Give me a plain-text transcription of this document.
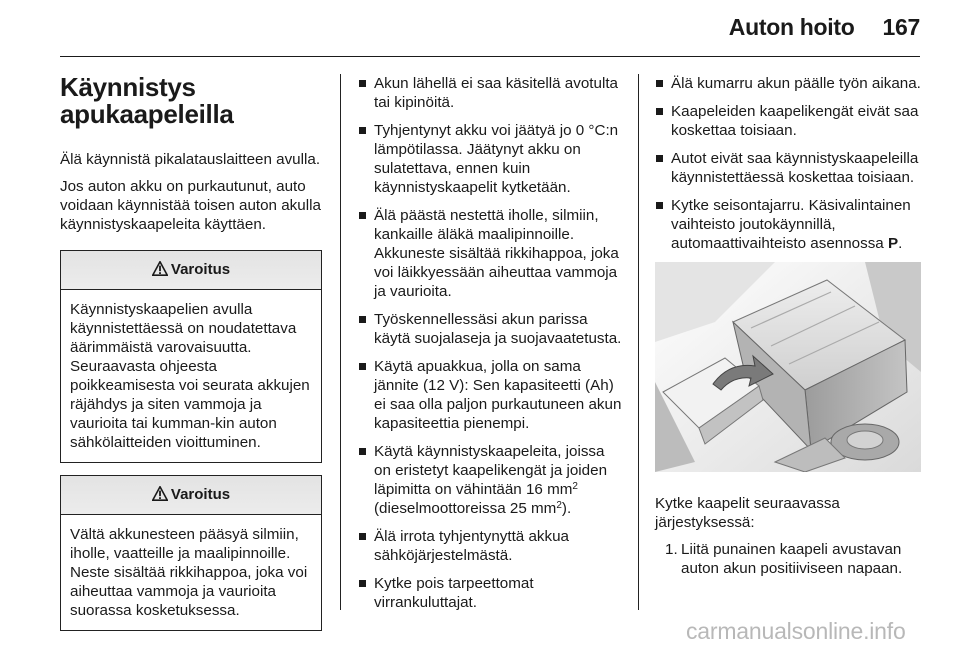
Auton hoito 167
Käynnistys
apukaapeleilla

Älä käynnistä pikalatauslaitteen avulla.

Jos auton akku on purkautunut, auto voidaan käynnistää toisen auton akulla käynnistyskaapeleita käyttäen.

Varoitus
Käynnistyskaapelien avulla käynnistettäessä on noudatettava äärimmäistä varovaisuutta. Seuraavasta ohjeesta poikkeamisesta voi seurata akkujen räjähdys ja siten vammoja ja vaurioita tai kumman-kin auton sähkölaitteiden vioittuminen.
Varoitus
Vältä akkunesteen pääsyä silmiin, iholle, vaatteille ja maalipinnoille. Neste sisältää rikkihappoa, joka voi aiheuttaa vammoja ja vaurioita suorassa kosketuksessa.
Akun lähellä ei saa käsitellä avotulta tai kipinöitä.
Tyhjentynyt akku voi jäätyä jo 0 °C:n lämpötilassa. Jäätynyt akku on sulatettava, ennen kuin käynnistyskaapelit kytketään.
Älä päästä nestettä iholle, silmiin, kankaille äläkä maalipinnoille. Akkuneste sisältää rikkihappoa, joka voi läikkyessään aiheuttaa vammoja ja vaurioita.
Työskennellessäsi akun parissa käytä suojalaseja ja suojavaatetusta.
Käytä apuakkua, jolla on sama jännite (12 V): Sen kapasiteetti (Ah) ei saa olla paljon purkautuneen akun kapasiteettia pienempi.
Käytä käynnistyskaapeleita, joissa on eristetyt kaapelikengät ja joiden läpimitta on vähintään 16 $mm^2$ (dieselmoottoreissa 25 $mm^2$).
Älä irrota tyhjentynyttä akkua sähköjärjestelmästä.
Kytke pois tarpeettomat virrankuluttajat.
Älä kumarru akun päälle työn aikana.
Kaapeleiden kaapelikengät eivät saa koskettaa toisiaan.
Autot eivät saa käynnistyskaapeleilla käynnistettäessä koskettaa toisiaan.
Kytke seisontajarru. Käsivalintainen vaihteisto joutokäynnillä, automaattivaihteisto asennossa P.

Kytke kaapelit seuraavassa järjestyksessä:

1. Liitä punainen kaapeli avustavan auton akun positiiviseen napaan.
carmanualsonline.info
